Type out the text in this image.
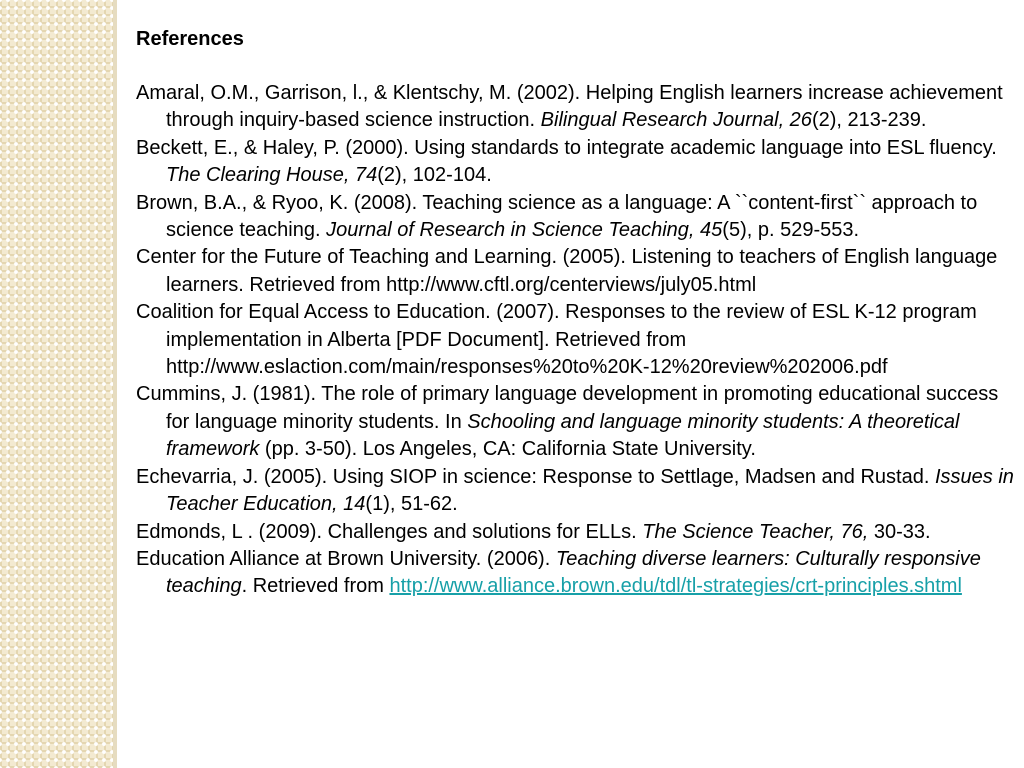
References

Amaral, O.M., Garrison, l., & Klentschy, M. (2002). Helping English learners increase achievement through inquiry-based science instruction. Bilingual Research Journal, 26(2), 213-239.

Beckett, E., & Haley, P. (2000). Using standards to integrate academic language into ESL fluency. The Clearing House, 74(2), 102-104.

Brown, B.A., & Ryoo, K. (2008). Teaching science as a language: A ``content-first`` approach to science teaching. Journal of Research in Science Teaching, 45(5), p. 529-553.

Center for the Future of Teaching and Learning. (2005). Listening to teachers of English language learners. Retrieved from http://www.cftl.org/centerviews/july05.html

Coalition for Equal Access to Education. (2007). Responses to the review of ESL K-12 program implementation in Alberta [PDF Document]. Retrieved from http://www.eslaction.com/main/responses%20to%20K-12%20review%202006.pdf

Cummins, J. (1981). The role of primary language development in promoting educational success for language minority students. In Schooling and language minority students: A theoretical framework (pp. 3-50). Los Angeles, CA: California State University.

Echevarria, J. (2005). Using SIOP in science: Response to Settlage, Madsen and Rustad. Issues in Teacher Education, 14(1), 51-62.

Edmonds, L . (2009). Challenges and solutions for ELLs. The Science Teacher, 76, 30-33.

Education Alliance at Brown University. (2006). Teaching diverse learners: Culturally responsive teaching. Retrieved from http://www.alliance.brown.edu/tdl/tl-strategies/crt-principles.shtml
